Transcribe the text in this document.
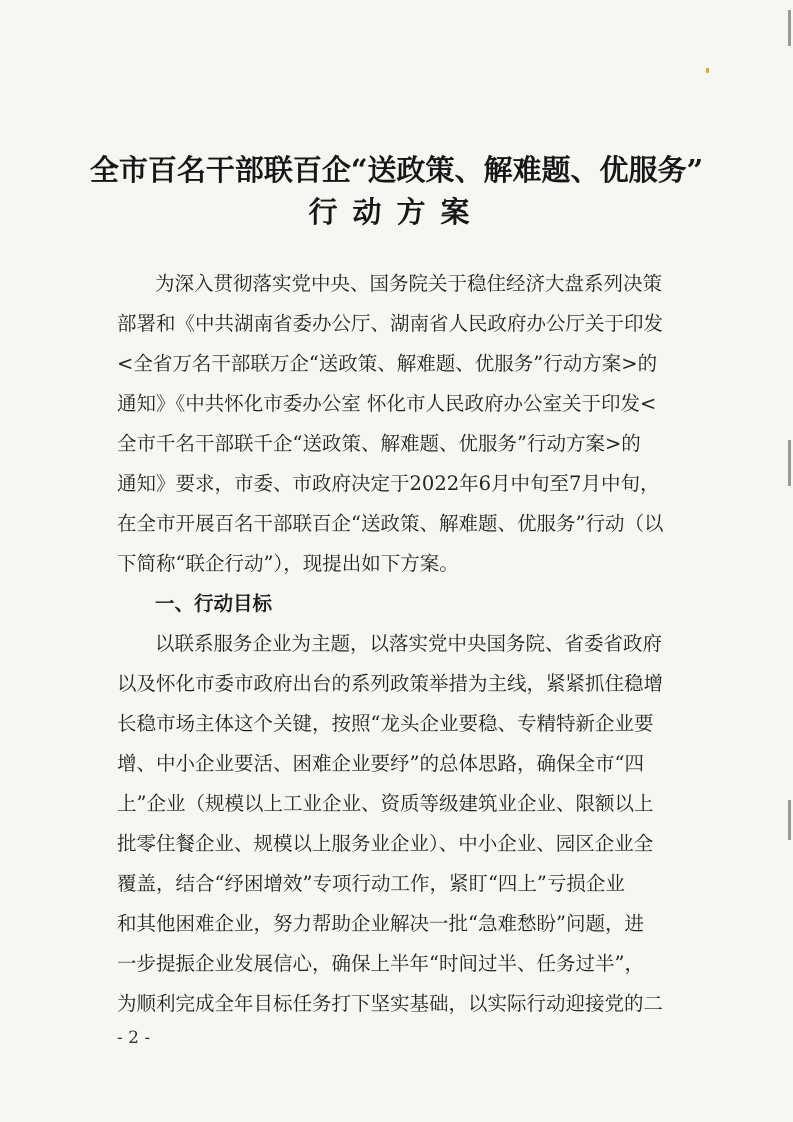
全市百名干部联百企“送政策、解难题、优服务”
行动方案
为深入贯彻落实党中央、国务院关于稳住经济大盘系列决策
部署和《中共湖南省委办公厅、湖南省人民政府办公厅关于印发
<全省万名干部联万企“送政策、解难题、优服务”行动方案>的
通知》《中共怀化市委办公室 怀化市人民政府办公室关于印发<
全市千名干部联千企“送政策、解难题、优服务”行动方案>的
通知》要求，市委、市政府决定于2022年6月中旬至7月中旬，
在全市开展百名干部联百企“送政策、解难题、优服务”行动（以
下简称“联企行动”），现提出如下方案。
一、行动目标
以联系服务企业为主题，以落实党中央国务院、省委省政府
以及怀化市委市政府出台的系列政策举措为主线，紧紧抓住稳增
长稳市场主体这个关键，按照“龙头企业要稳、专精特新企业要
增、中小企业要活、困难企业要纾”的总体思路，确保全市“四
上”企业（规模以上工业企业、资质等级建筑业企业、限额以上
批零住餐企业、规模以上服务业企业）、中小企业、园区企业全
覆盖，结合“纾困增效”专项行动工作，紧盯“四上”亏损企业
和其他困难企业，努力帮助企业解决一批“急难愁盼”问题，进
一步提振企业发展信心，确保上半年“时间过半、任务过半”，
为顺利完成全年目标任务打下坚实基础，以实际行动迎接党的二
- 2 -
